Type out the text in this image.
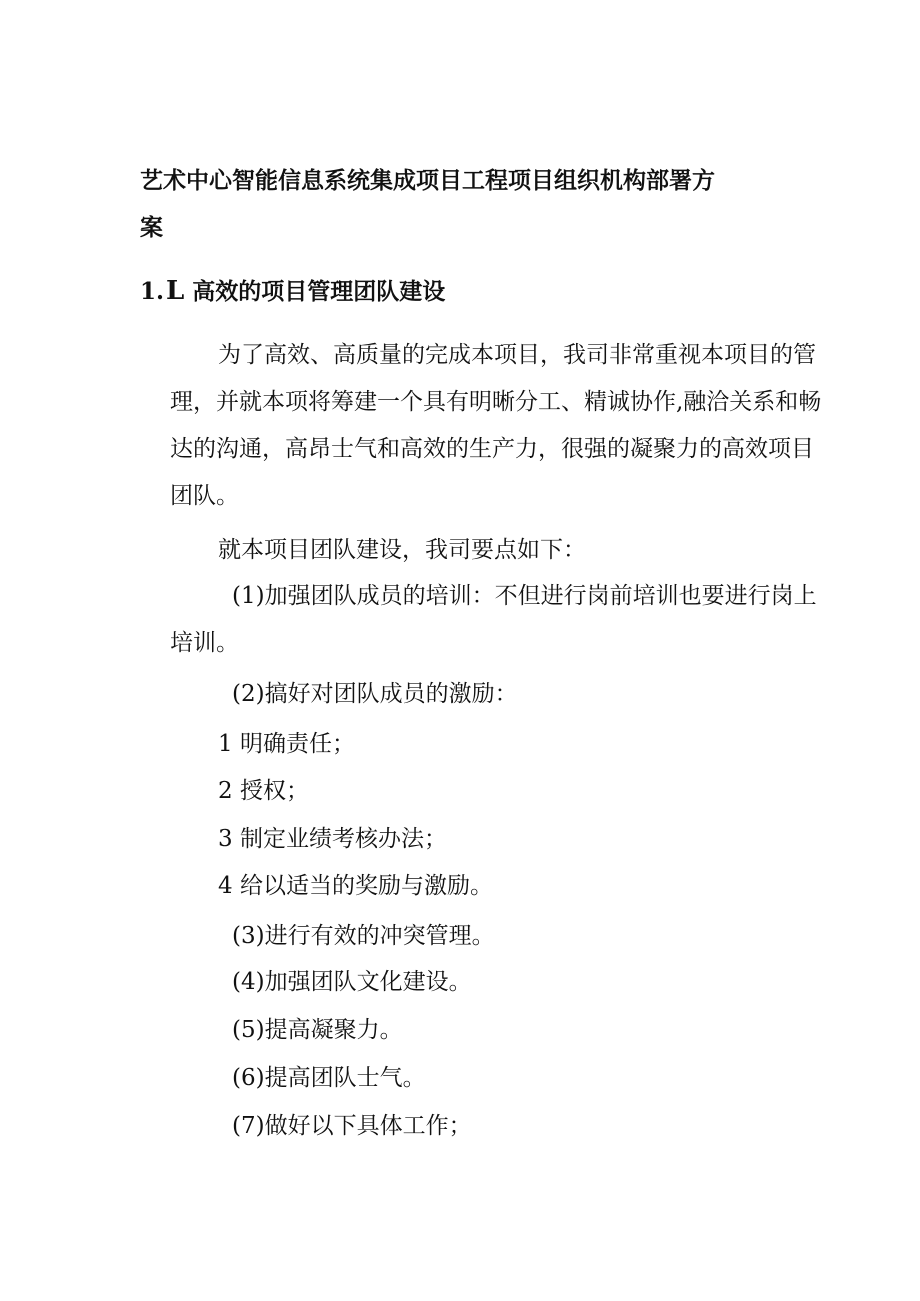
艺术中心智能信息系统集成项目工程项目组织机构部署方
案
1.L 高效的项目管理团队建设
为了高效、高质量的完成本项目，我司非常重视本项目的管
理，并就本项将筹建一个具有明晰分工、精诚协作,融洽关系和畅
达的沟通，高昂士气和高效的生产力，很强的凝聚力的高效项目
团队。
就本项目团队建设，我司要点如下：
(1)加强团队成员的培训：不但进行岗前培训也要进行岗上
培训。
(2)搞好对团队成员的激励：
1 明确责任；
2 授权；
3 制定业绩考核办法；
4 给以适当的奖励与激励。
(3)进行有效的冲突管理。
(4)加强团队文化建设。
(5)提高凝聚力。
(6)提高团队士气。
(7)做好以下具体工作；
